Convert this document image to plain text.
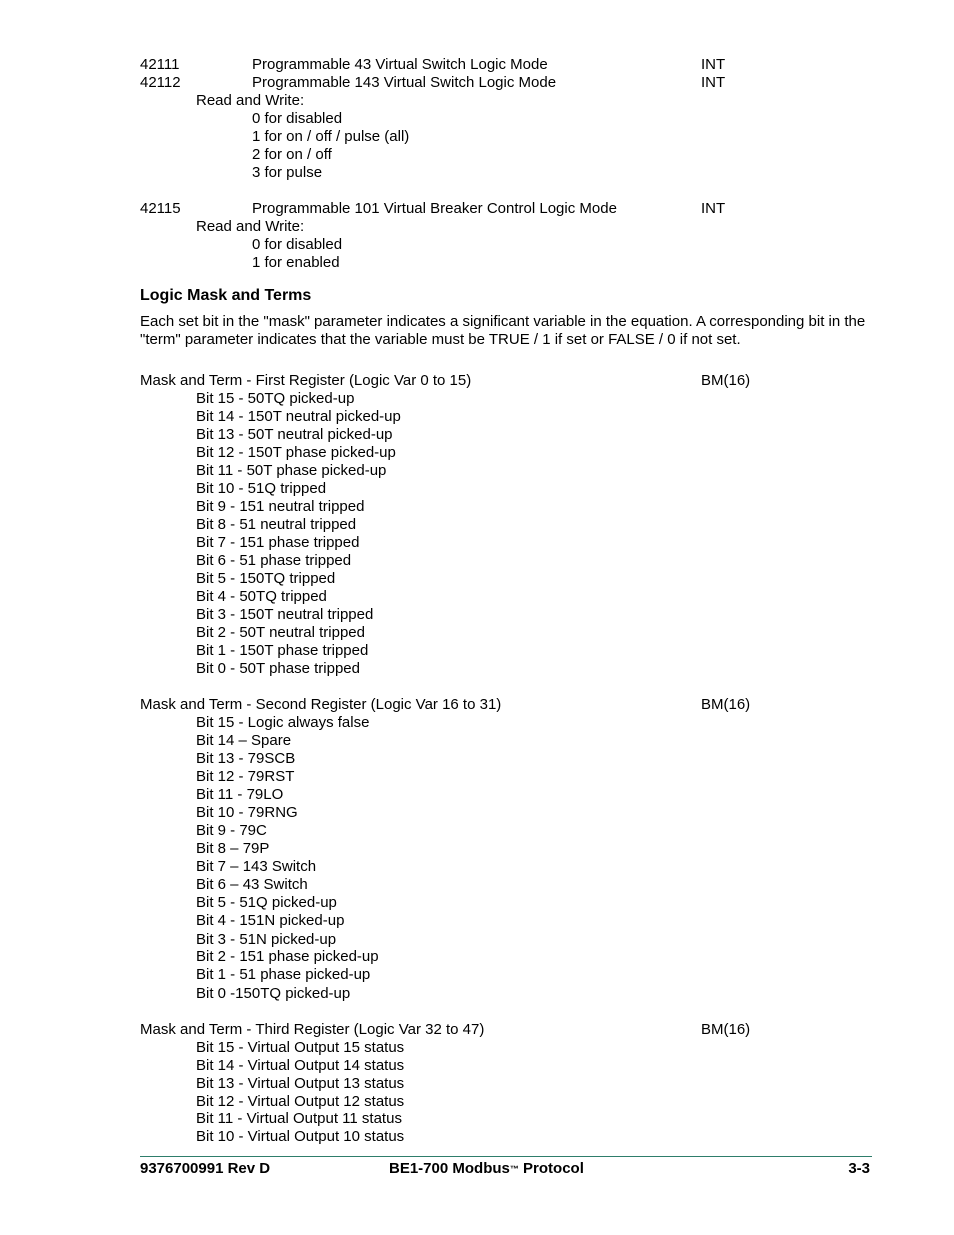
42111	Programmable 43 Virtual Switch Logic Mode	INT
42112	Programmable 143 Virtual Switch Logic Mode	INT
Read and Write:
0 for disabled
1 for on / off / pulse (all)
2 for on / off
3 for pulse
42115	Programmable 101 Virtual Breaker Control Logic Mode	INT
Read and Write:
0 for disabled
1 for enabled
Logic Mask and Terms
Each set bit in the "mask" parameter indicates a significant variable in the equation. A corresponding bit in the "term" parameter indicates that the variable must be TRUE / 1 if set or FALSE / 0 if not set.
Mask and Term - First Register (Logic Var 0 to 15)	BM(16)
Bit 15 - 50TQ picked-up
Bit 14 - 150T neutral picked-up
Bit 13 - 50T neutral picked-up
Bit 12 - 150T phase picked-up
Bit 11 - 50T phase picked-up
Bit 10 - 51Q tripped
Bit 9 - 151 neutral tripped
Bit 8 - 51 neutral tripped
Bit 7 - 151 phase tripped
Bit 6 - 51 phase tripped
Bit 5 - 150TQ tripped
Bit 4 - 50TQ tripped
Bit 3 - 150T neutral tripped
Bit 2 - 50T neutral tripped
Bit 1 - 150T phase tripped
Bit 0 - 50T phase tripped
Mask and Term - Second Register (Logic Var 16 to 31)	BM(16)
Bit 15 - Logic always false
Bit 14 – Spare
Bit 13 - 79SCB
Bit 12 - 79RST
Bit 11 - 79LO
Bit 10 - 79RNG
Bit 9 - 79C
Bit 8 – 79P
Bit 7 – 143 Switch
Bit 6 – 43 Switch
Bit 5 - 51Q picked-up
Bit 4 - 151N picked-up
Bit 3 - 51N picked-up
Bit 2 - 151 phase picked-up
Bit 1 - 51 phase picked-up
Bit 0 -150TQ picked-up
Mask and Term - Third Register (Logic Var 32 to 47)	BM(16)
Bit 15 - Virtual Output 15 status
Bit 14 - Virtual Output 14 status
Bit 13 - Virtual Output 13 status
Bit 12 - Virtual Output 12 status
Bit 11 - Virtual Output 11 status
Bit 10 - Virtual Output 10 status
9376700991 Rev D	BE1-700 Modbus™ Protocol	3-3
